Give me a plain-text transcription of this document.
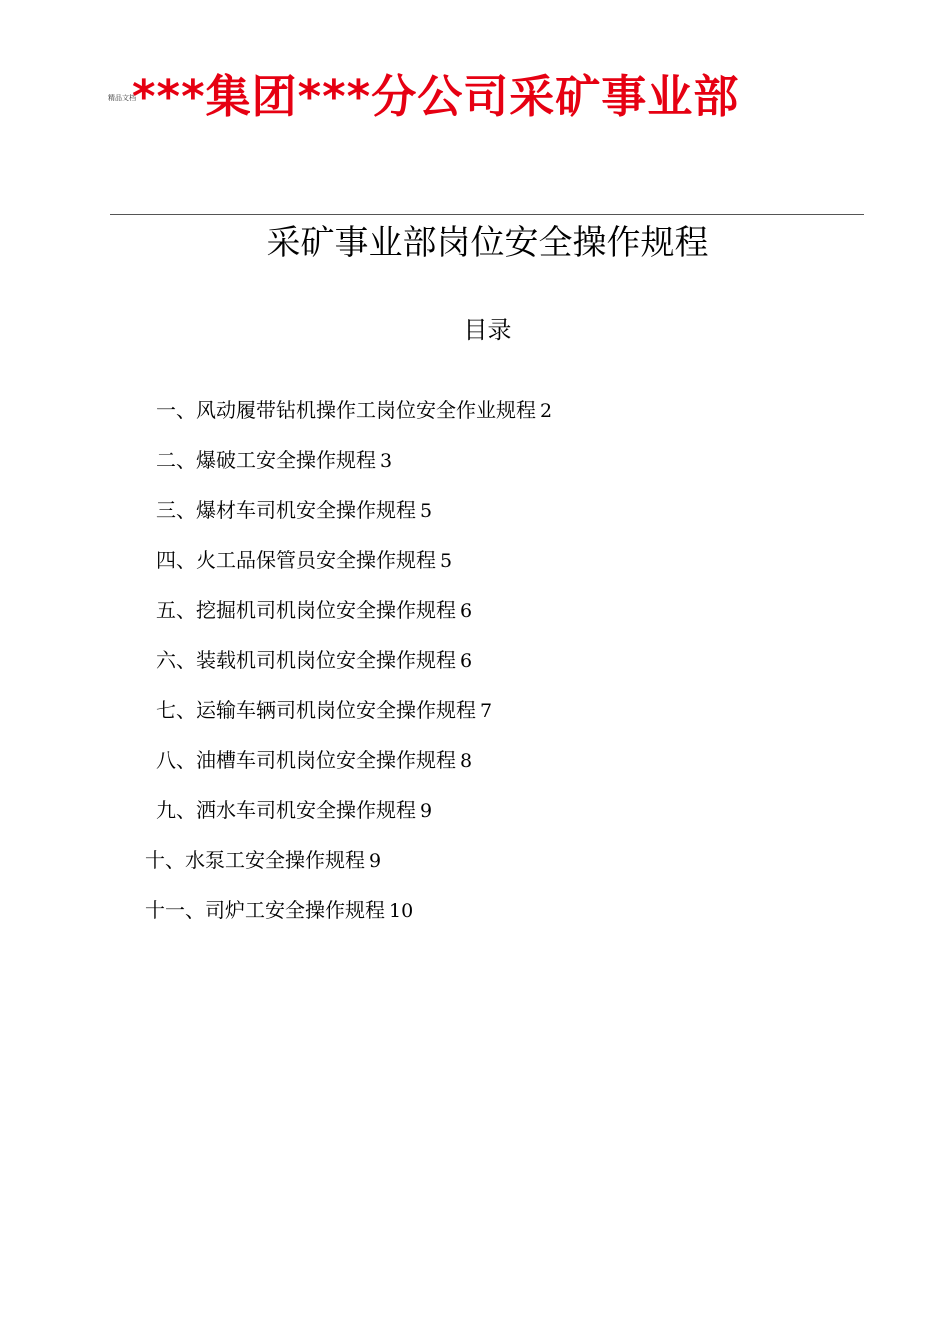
精品文档
***集团***分公司采矿事业部
采矿事业部岗位安全操作规程
目录
一、风动履带钻机操作工岗位安全作业规程 2
二、爆破工安全操作规程 3
三、爆材车司机安全操作规程 5
四、火工品保管员安全操作规程 5
五、挖掘机司机岗位安全操作规程 6
六、装载机司机岗位安全操作规程 6
七、运输车辆司机岗位安全操作规程 7
八、油槽车司机岗位安全操作规程 8
九、洒水车司机安全操作规程 9
十、水泵工安全操作规程 9
十一、司炉工安全操作规程 10
